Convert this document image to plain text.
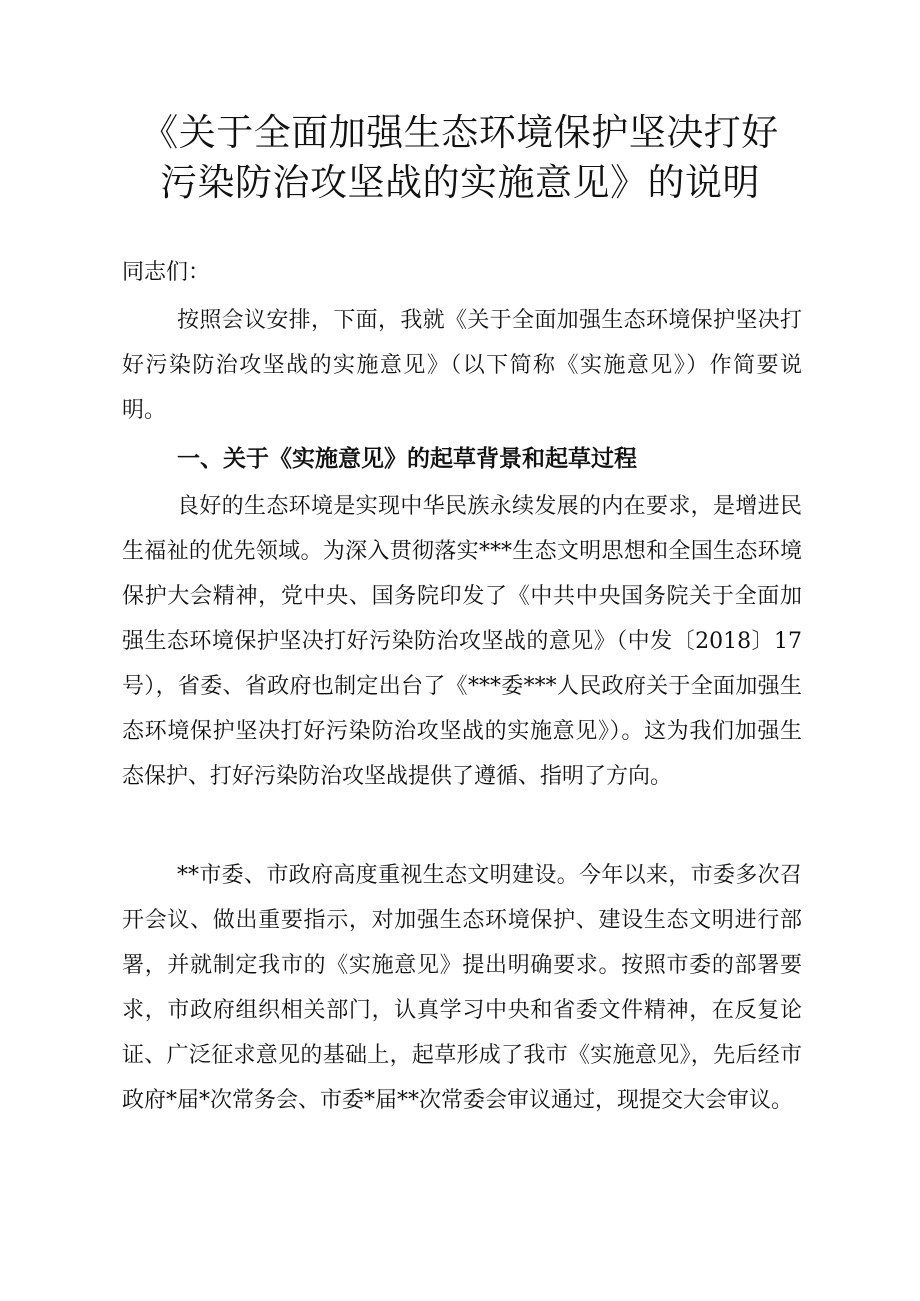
《关于全面加强生态环境保护坚决打好
污染防治攻坚战的实施意见》的说明

同志们：

按照会议安排，下面，我就《关于全面加强生态环境保护坚决打好污染防治攻坚战的实施意见》（以下简称《实施意见》）作简要说明。

一、关于《实施意见》的起草背景和起草过程

良好的生态环境是实现中华民族永续发展的内在要求，是增进民生福祉的优先领域。为深入贯彻落实***生态文明思想和全国生态环境保护大会精神，党中央、国务院印发了《中共中央国务院关于全面加强生态环境保护坚决打好污染防治攻坚战的意见》（中发〔2018〕17号），省委、省政府也制定出台了《***委***人民政府关于全面加强生态环境保护坚决打好污染防治攻坚战的实施意见》）。这为我们加强生态保护、打好污染防治攻坚战提供了遵循、指明了方向。

**市委、市政府高度重视生态文明建设。今年以来，市委多次召开会议、做出重要指示，对加强生态环境保护、建设生态文明进行部署，并就制定我市的《实施意见》提出明确要求。按照市委的部署要求，市政府组织相关部门，认真学习中央和省委文件精神，在反复论证、广泛征求意见的基础上，起草形成了我市《实施意见》，先后经市政府*届*次常务会、市委*届**次常委会审议通过，现提交大会审议。
